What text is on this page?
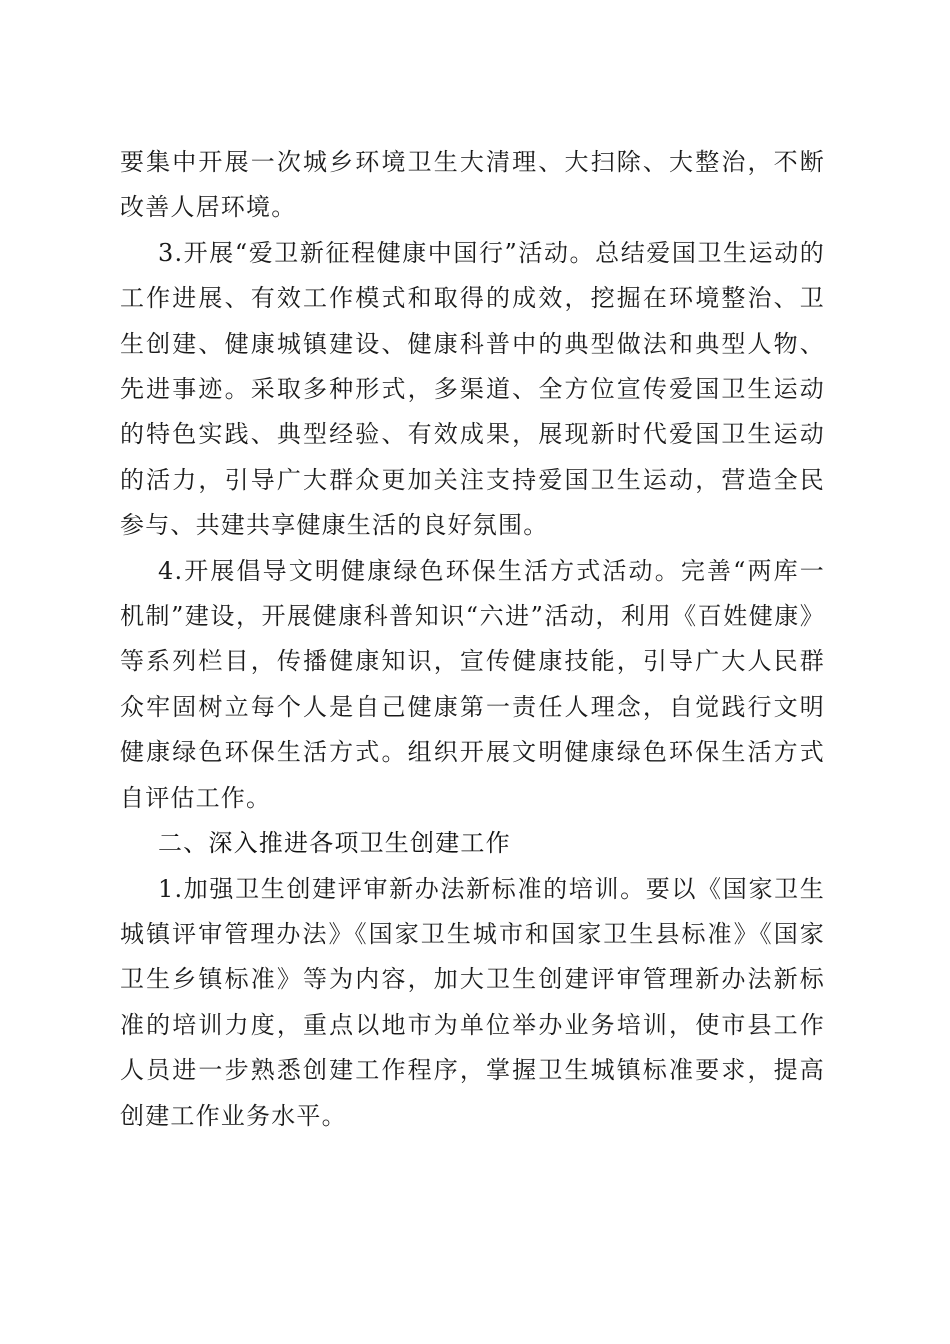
要集中开展一次城乡环境卫生大清理、大扫除、大整治，不断改善人居环境。

3.开展“爱卫新征程健康中国行”活动。总结爱国卫生运动的工作进展、有效工作模式和取得的成效，挖掘在环境整治、卫生创建、健康城镇建设、健康科普中的典型做法和典型人物、先进事迹。采取多种形式，多渠道、全方位宣传爱国卫生运动的特色实践、典型经验、有效成果，展现新时代爱国卫生运动的活力，引导广大群众更加关注支持爱国卫生运动，营造全民参与、共建共享健康生活的良好氛围。

4.开展倡导文明健康绿色环保生活方式活动。完善“两库一机制”建设，开展健康科普知识“六进”活动，利用《百姓健康》等系列栏目，传播健康知识，宣传健康技能，引导广大人民群众牢固树立每个人是自己健康第一责任人理念，自觉践行文明健康绿色环保生活方式。组织开展文明健康绿色环保生活方式自评估工作。

二、深入推进各项卫生创建工作

1.加强卫生创建评审新办法新标准的培训。要以《国家卫生城镇评审管理办法》《国家卫生城市和国家卫生县标准》《国家卫生乡镇标准》等为内容，加大卫生创建评审管理新办法新标准的培训力度，重点以地市为单位举办业务培训，使市县工作人员进一步熟悉创建工作程序，掌握卫生城镇标准要求，提高创建工作业务水平。
